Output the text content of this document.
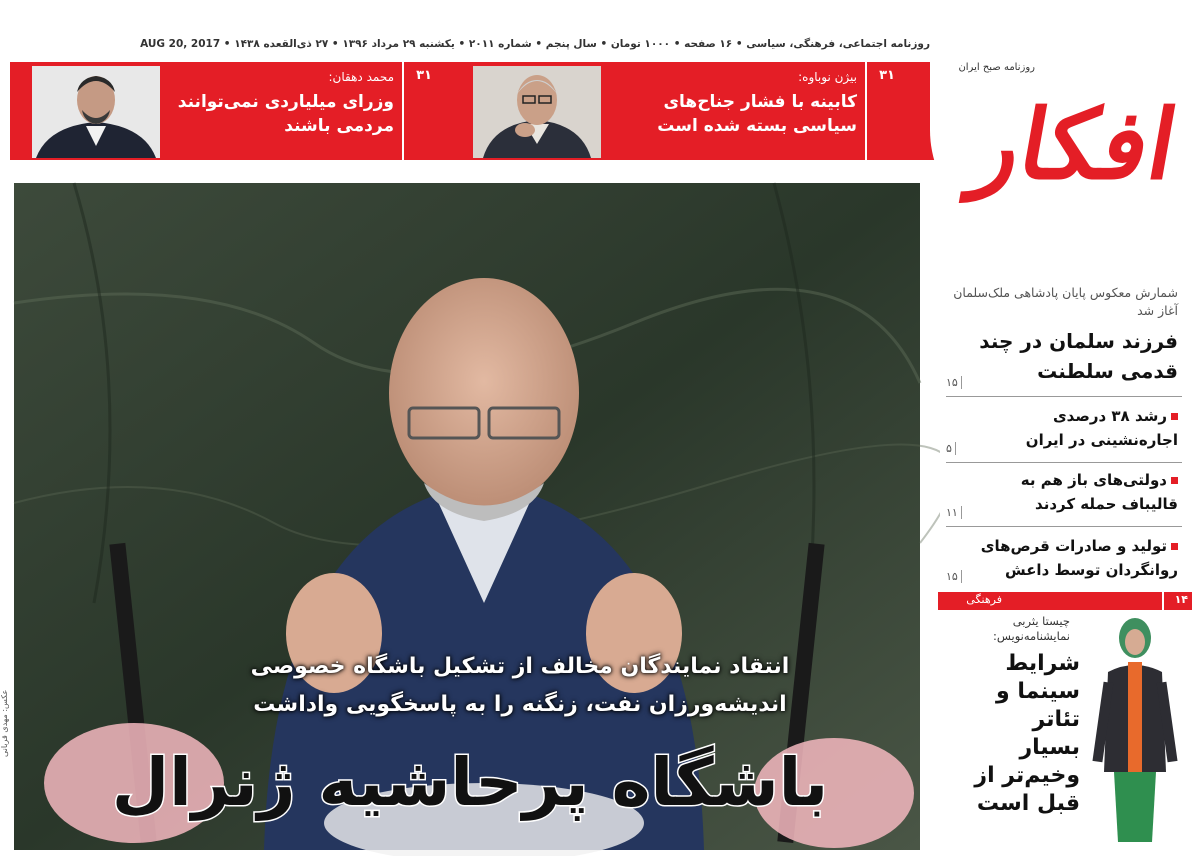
روزنامه اجتماعی، فرهنگی، سیاسی • ۱۶ صفحه • ۱۰۰۰ تومان • سال پنجم • شماره ۲۰۱۱ • یکشنبه ۲۹ مرداد ۱۳۹۶ • ۲۷ ذی‌القعده ۱۴۳۸ • AUG 20, 2017
۳۱
بیژن نوباوه:
کابینه با فشار جناح‌های سیاسی بسته شده است
۳۱
محمد دهقان:
وزرای میلیاردی نمی‌توانند مردمی باشند
روزنامه صبح ایران
افکار
عکس: مهدی قربانی
انتقاد نمایندگان مخالف از تشکیل باشگاه خصوصی
اندیشه‌ورزان نفت، زنگنه را به پاسخگویی واداشت
باشگاه پرحاشیه ژنرال
شمارش معکوس پایان پادشاهی ملک‌سلمان آغاز شد
فرزند سلمان در چند قدمی سلطنت
۱۵
رشد ۳۸ درصدی اجاره‌نشینی در ایران
۵
دولتی‌های باز هم به قالیباف حمله کردند
۱۱
تولید و صادرات قرص‌های روانگردان توسط داعش
۱۵
۱۴
فرهنگی
چیستا یثربی نمایشنامه‌نویس:
شرایط سینما و تئاتر بسیار وخیم‌تر از قبل است
